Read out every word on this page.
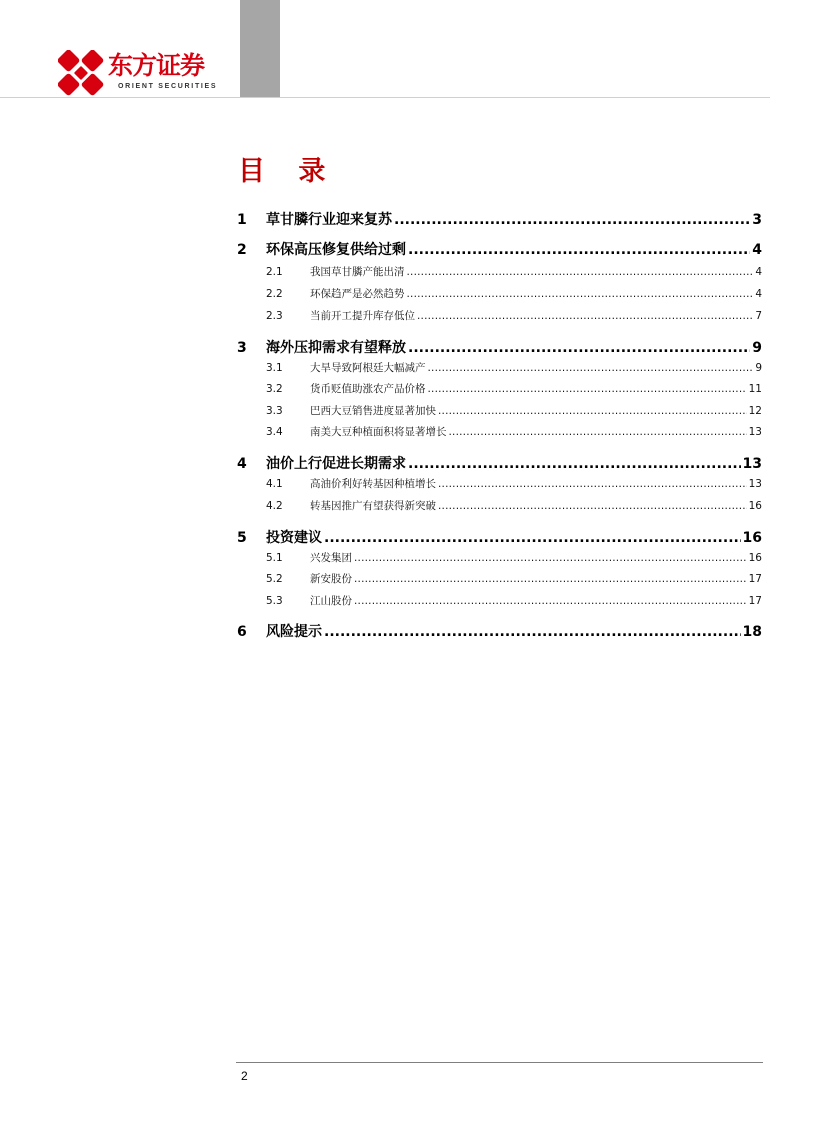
东方证券
ORIENT SECURITIES
目 录
1	草甘膦行业迎来复苏 .....	3
2	环保高压修复供给过剩 .....	4
2.1	我国草甘膦产能出清 .....	4
2.2	环保趋严是必然趋势 .....	4
2.3	当前开工提升库存低位 .....	7
3	海外压抑需求有望释放 .....	9
3.1	大旱导致阿根廷大幅减产 .....	9
3.2	货币贬值助涨农产品价格 .....	11
3.3	巴西大豆销售进度显著加快 .....	12
3.4	南美大豆种植面积将显著增长 .....	13
4	油价上行促进长期需求 .....	13
4.1	高油价利好转基因种植增长 .....	13
4.2	转基因推广有望获得新突破 .....	16
5	投资建议 .....	16
5.1	兴发集团 .....	16
5.2	新安股份 .....	17
5.3	江山股份 .....	17
6	风险提示 .....	18
2
